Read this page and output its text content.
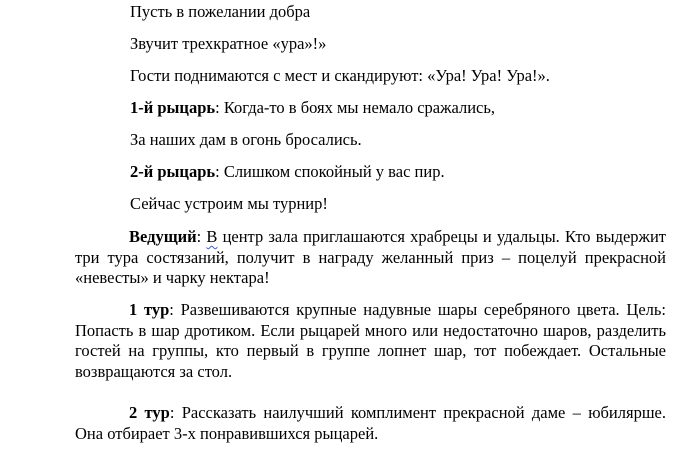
Пусть в пожелании добра
Звучит трехкратное «ура»!»
Гости поднимаются с мест и скандируют: «Ура! Ура! Ура!».
1-й рыцарь: Когда-то в боях мы немало сражались,
За наших дам в огонь бросались.
2-й рыцарь: Слишком спокойный у вас пир.
Сейчас устроим мы турнир!
Ведущий: В центр зала приглашаются храбрецы и удальцы. Кто выдержит три тура состязаний, получит в награду желанный приз – поцелуй прекрасной «невесты» и чарку нектара!
1 тур: Развешиваются крупные надувные шары серебряного цвета. Цель: Попасть в шар дротиком. Если рыцарей много или недостаточно шаров, разделить гостей на группы, кто первый в группе лопнет шар, тот побеждает. Остальные возвращаются за стол.
2 тур: Рассказать наилучший комплимент прекрасной даме – юбилярше. Она отбирает 3-х понравившихся рыцарей.
